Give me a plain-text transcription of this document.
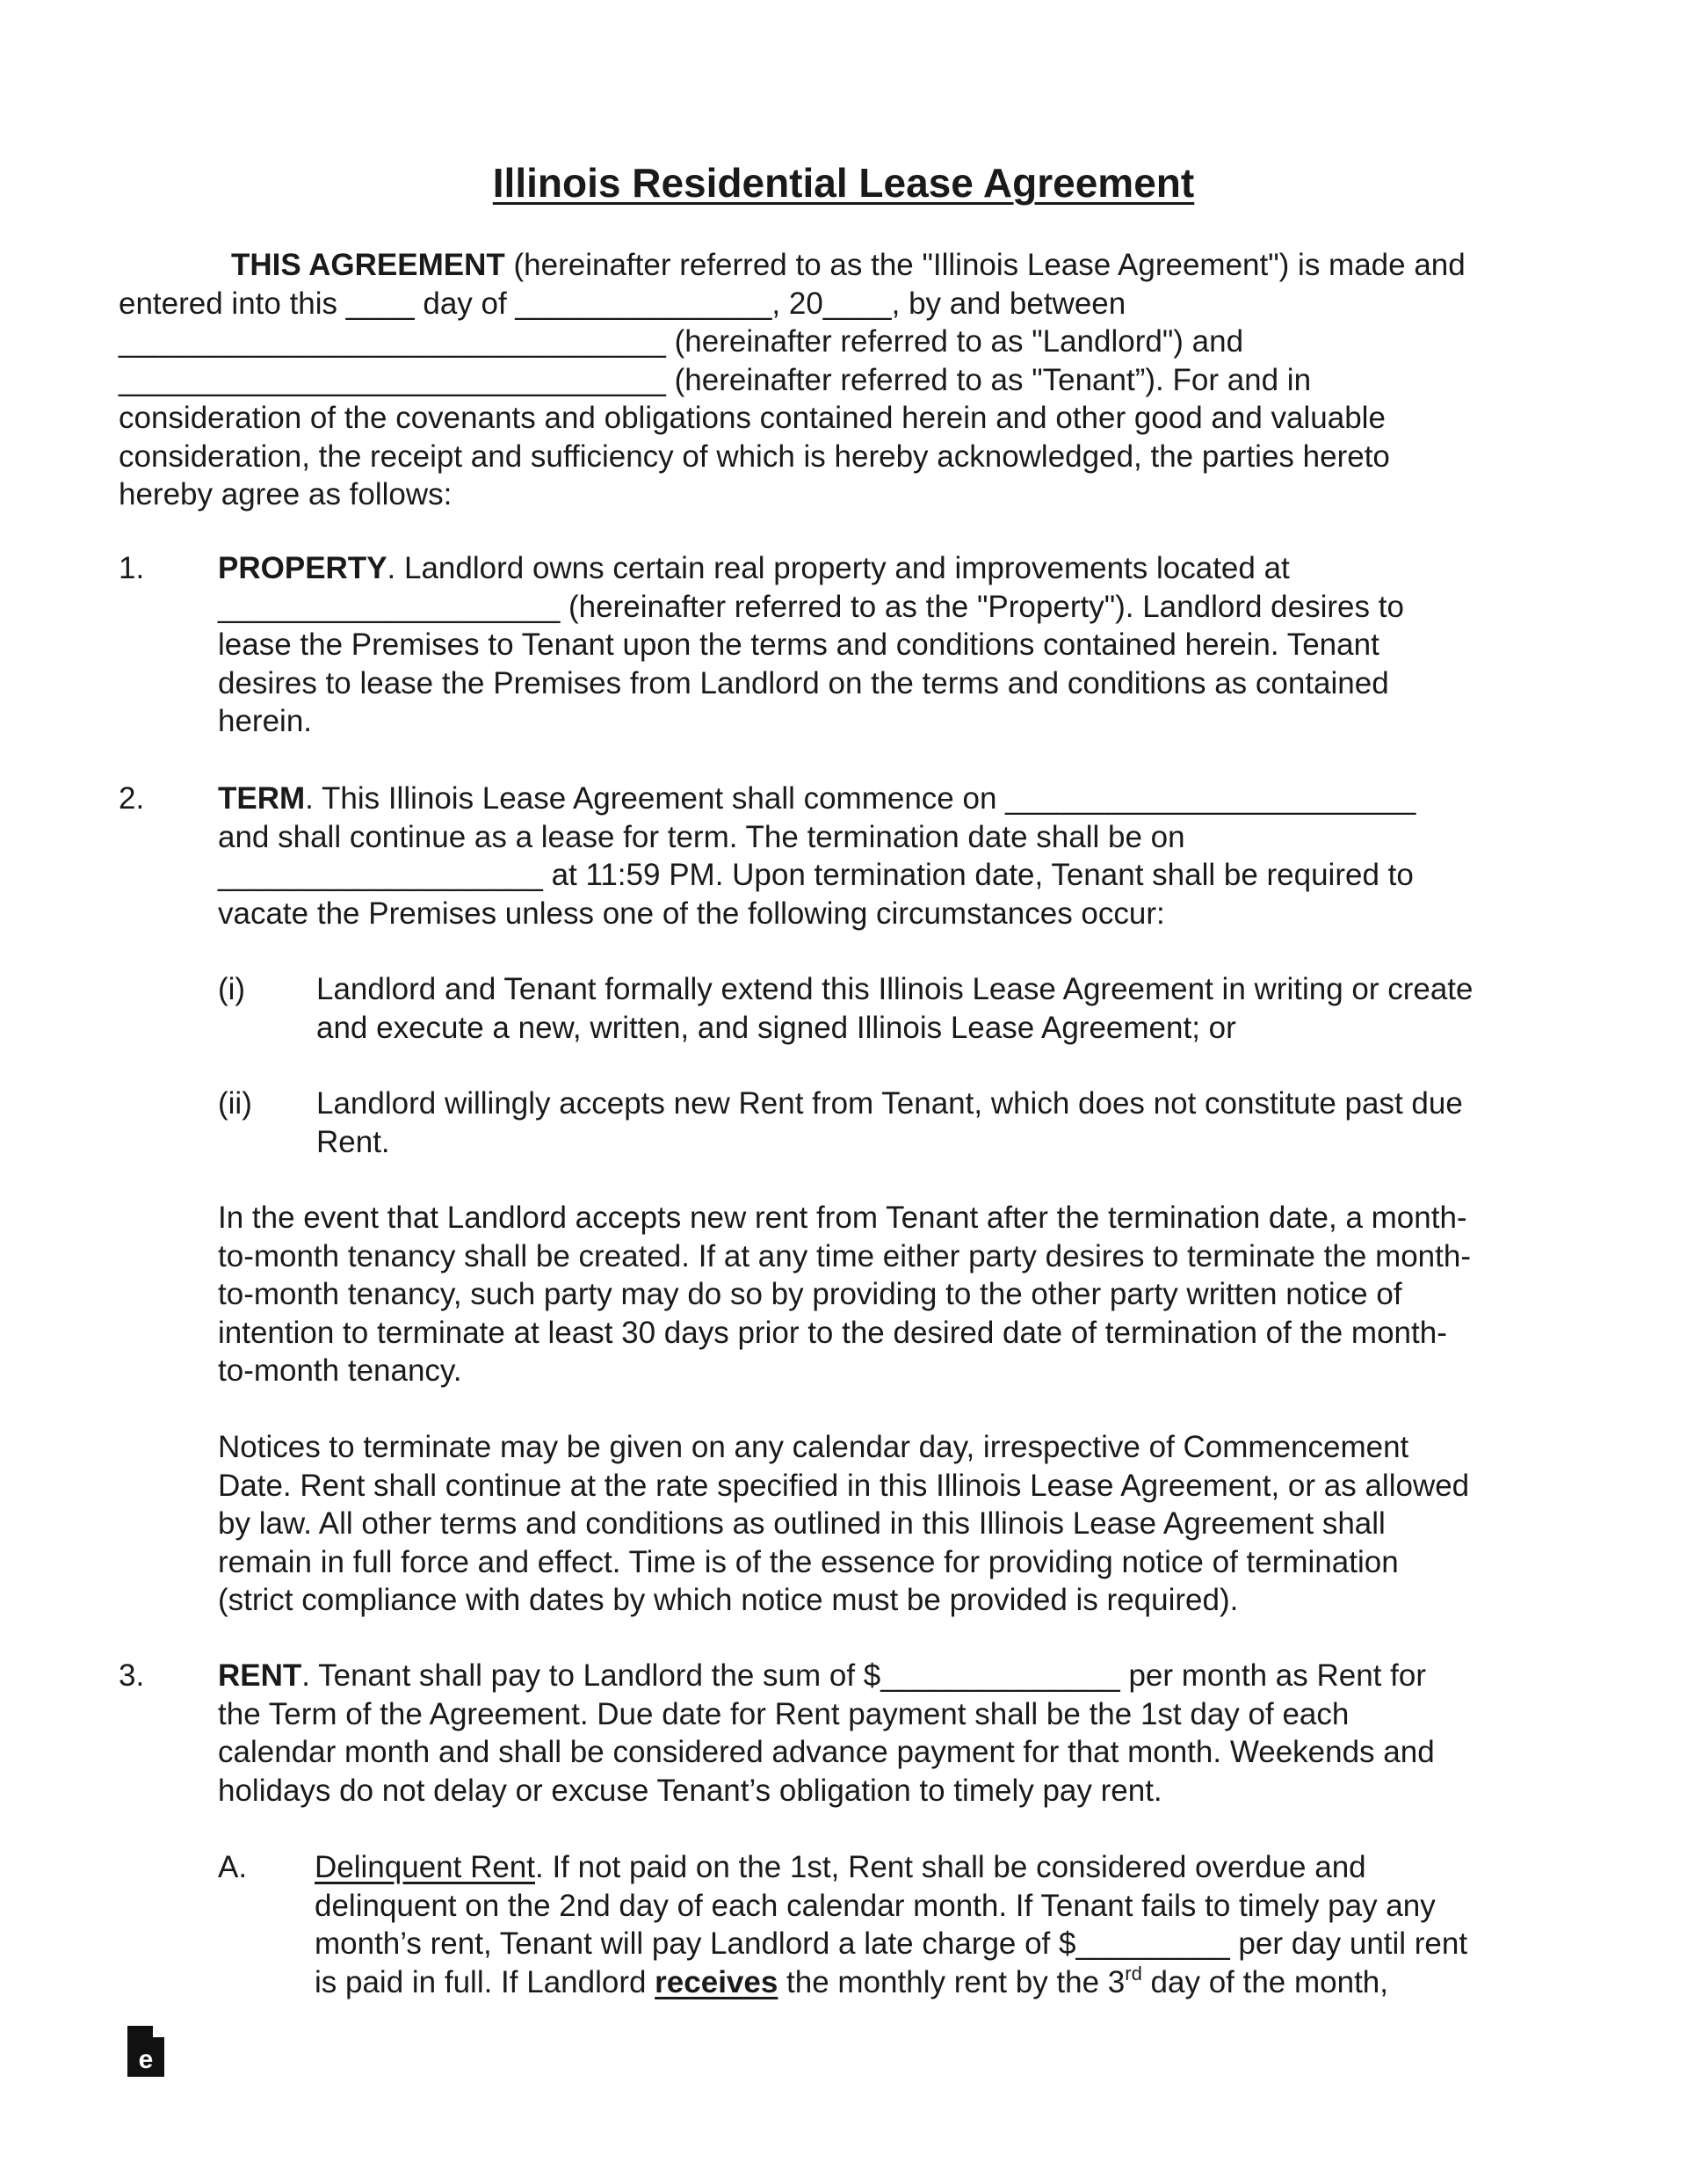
Illinois Residential Lease Agreement
THIS AGREEMENT (hereinafter referred to as the "Illinois Lease Agreement") is made and
entered into this ____ day of _______________, 20____, by and between
________________________________ (hereinafter referred to as "Landlord") and
________________________________ (hereinafter referred to as "Tenant”). For and in
consideration of the covenants and obligations contained herein and other good and valuable
consideration, the receipt and sufficiency of which is hereby acknowledged, the parties hereto
hereby agree as follows:
1. PROPERTY. Landlord owns certain real property and improvements located at
____________________ (hereinafter referred to as the "Property"). Landlord desires to
lease the Premises to Tenant upon the terms and conditions contained herein. Tenant
desires to lease the Premises from Landlord on the terms and conditions as contained
herein.
2. TERM. This Illinois Lease Agreement shall commence on ________________________
and shall continue as a lease for term. The termination date shall be on
___________________ at 11:59 PM. Upon termination date, Tenant shall be required to
vacate the Premises unless one of the following circumstances occur:
(i) Landlord and Tenant formally extend this Illinois Lease Agreement in writing or create
and execute a new, written, and signed Illinois Lease Agreement; or
(ii) Landlord willingly accepts new Rent from Tenant, which does not constitute past due
Rent.
In the event that Landlord accepts new rent from Tenant after the termination date, a month-
to-month tenancy shall be created. If at any time either party desires to terminate the month-
to-month tenancy, such party may do so by providing to the other party written notice of
intention to terminate at least 30 days prior to the desired date of termination of the month-
to-month tenancy.
Notices to terminate may be given on any calendar day, irrespective of Commencement
Date. Rent shall continue at the rate specified in this Illinois Lease Agreement, or as allowed
by law. All other terms and conditions as outlined in this Illinois Lease Agreement shall
remain in full force and effect. Time is of the essence for providing notice of termination
(strict compliance with dates by which notice must be provided is required).
3. RENT. Tenant shall pay to Landlord the sum of $______________ per month as Rent for
the Term of the Agreement. Due date for Rent payment shall be the 1st day of each
calendar month and shall be considered advance payment for that month. Weekends and
holidays do not delay or excuse Tenant’s obligation to timely pay rent.
A. Delinquent Rent. If not paid on the 1st, Rent shall be considered overdue and
delinquent on the 2nd day of each calendar month. If Tenant fails to timely pay any
month’s rent, Tenant will pay Landlord a late charge of $_________ per day until rent
is paid in full. If Landlord receives the monthly rent by the 3rd day of the month,
e
